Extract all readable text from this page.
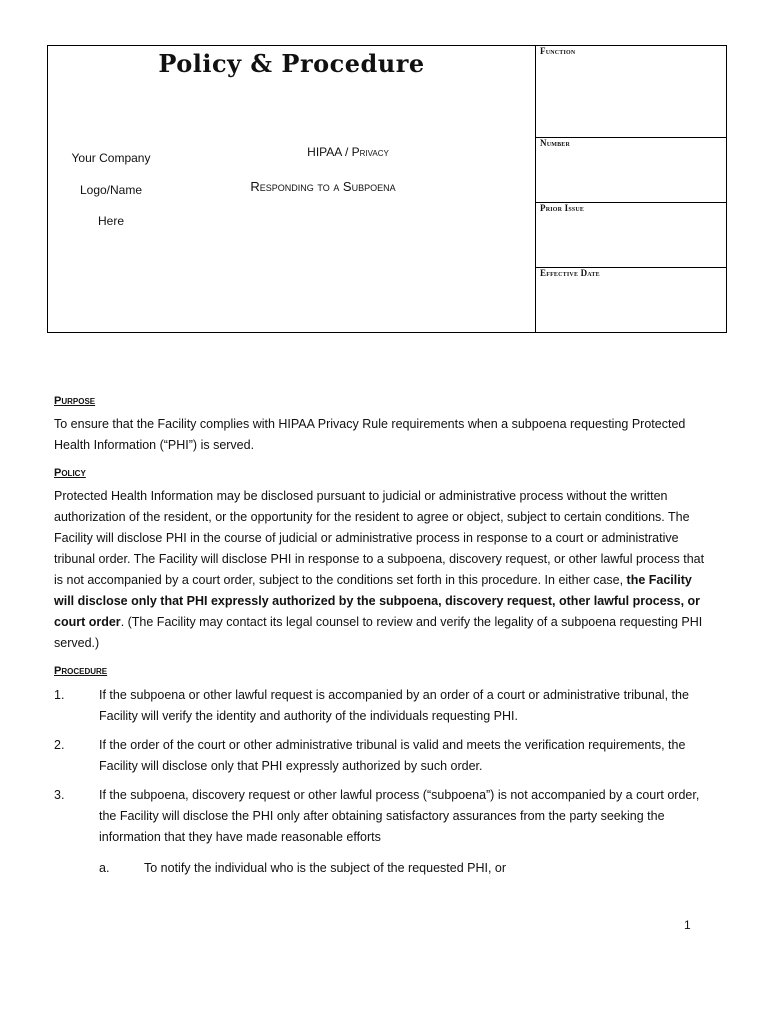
Policy & Procedure
Your Company
Logo/Name
Here
HIPAA / Privacy
Responding to a Subpoena
Function
Number
Prior Issue
Effective Date
Purpose

To ensure that the Facility complies with HIPAA Privacy Rule requirements when a subpoena requesting Protected Health Information (“PHI”) is served.

Policy

Protected Health Information may be disclosed pursuant to judicial or administrative process without the written authorization of the resident, or the opportunity for the resident to agree or object, subject to certain conditions. The Facility will disclose PHI in the course of judicial or administrative process in response to a court or administrative tribunal order. The Facility will disclose PHI in response to a subpoena, discovery request, or other lawful process that is not accompanied by a court order, subject to the conditions set forth in this procedure. In either case, the Facility will disclose only that PHI expressly authorized by the subpoena, discovery request, other lawful process, or court order. (The Facility may contact its legal counsel to review and verify the legality of a subpoena requesting PHI served.)

Procedure
1.	If the subpoena or other lawful request is accompanied by an order of a court or administrative tribunal, the Facility will verify the identity and authority of the individuals requesting PHI.
2.	If the order of the court or other administrative tribunal is valid and meets the verification requirements, the Facility will disclose only that PHI expressly authorized by such order.
3.	If the subpoena, discovery request or other lawful process (“subpoena”) is not accompanied by a court order, the Facility will disclose the PHI only after obtaining satisfactory assurances from the party seeking the information that they have made reasonable efforts
a.	To notify the individual who is the subject of the requested PHI, or
1
